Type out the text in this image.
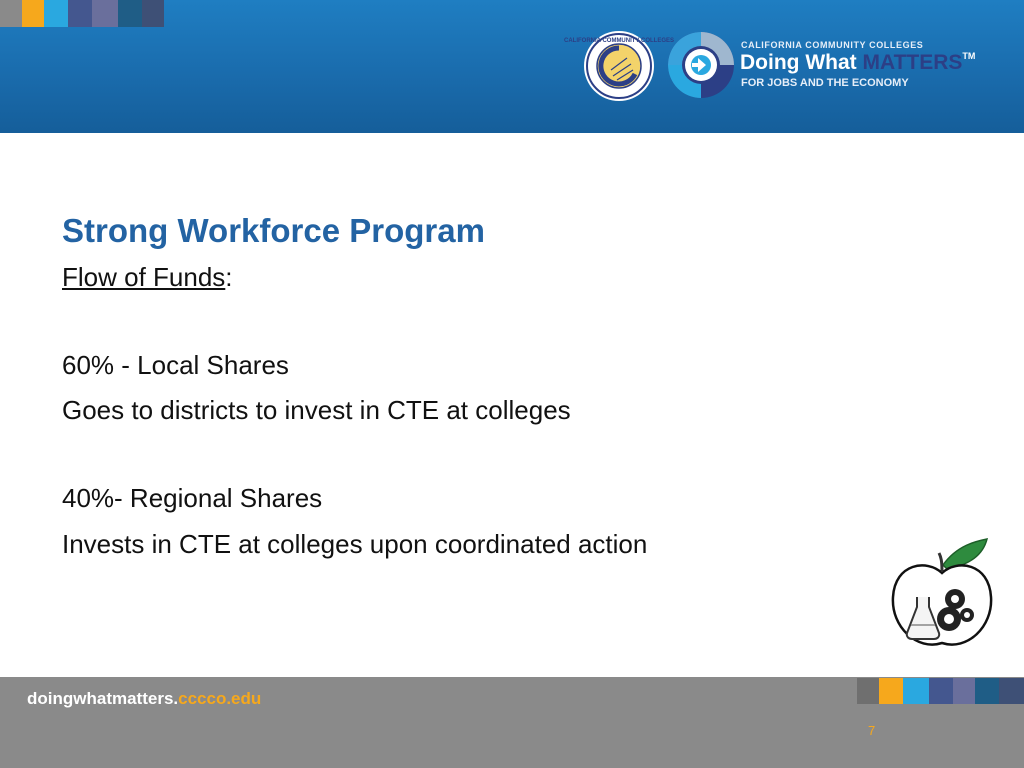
CALIFORNIA COMMUNITY COLLEGES	CALIFORNIA COMMUNITY COLLEGES
Doing What MATTERS™
FOR JOBS AND THE ECONOMY
Strong Workforce Program
Flow of Funds:
60% - Local Shares
Goes to districts to invest in CTE at colleges
40%- Regional Shares
Invests in CTE at colleges upon coordinated action
doingwhatmatters.cccco.edu
7
